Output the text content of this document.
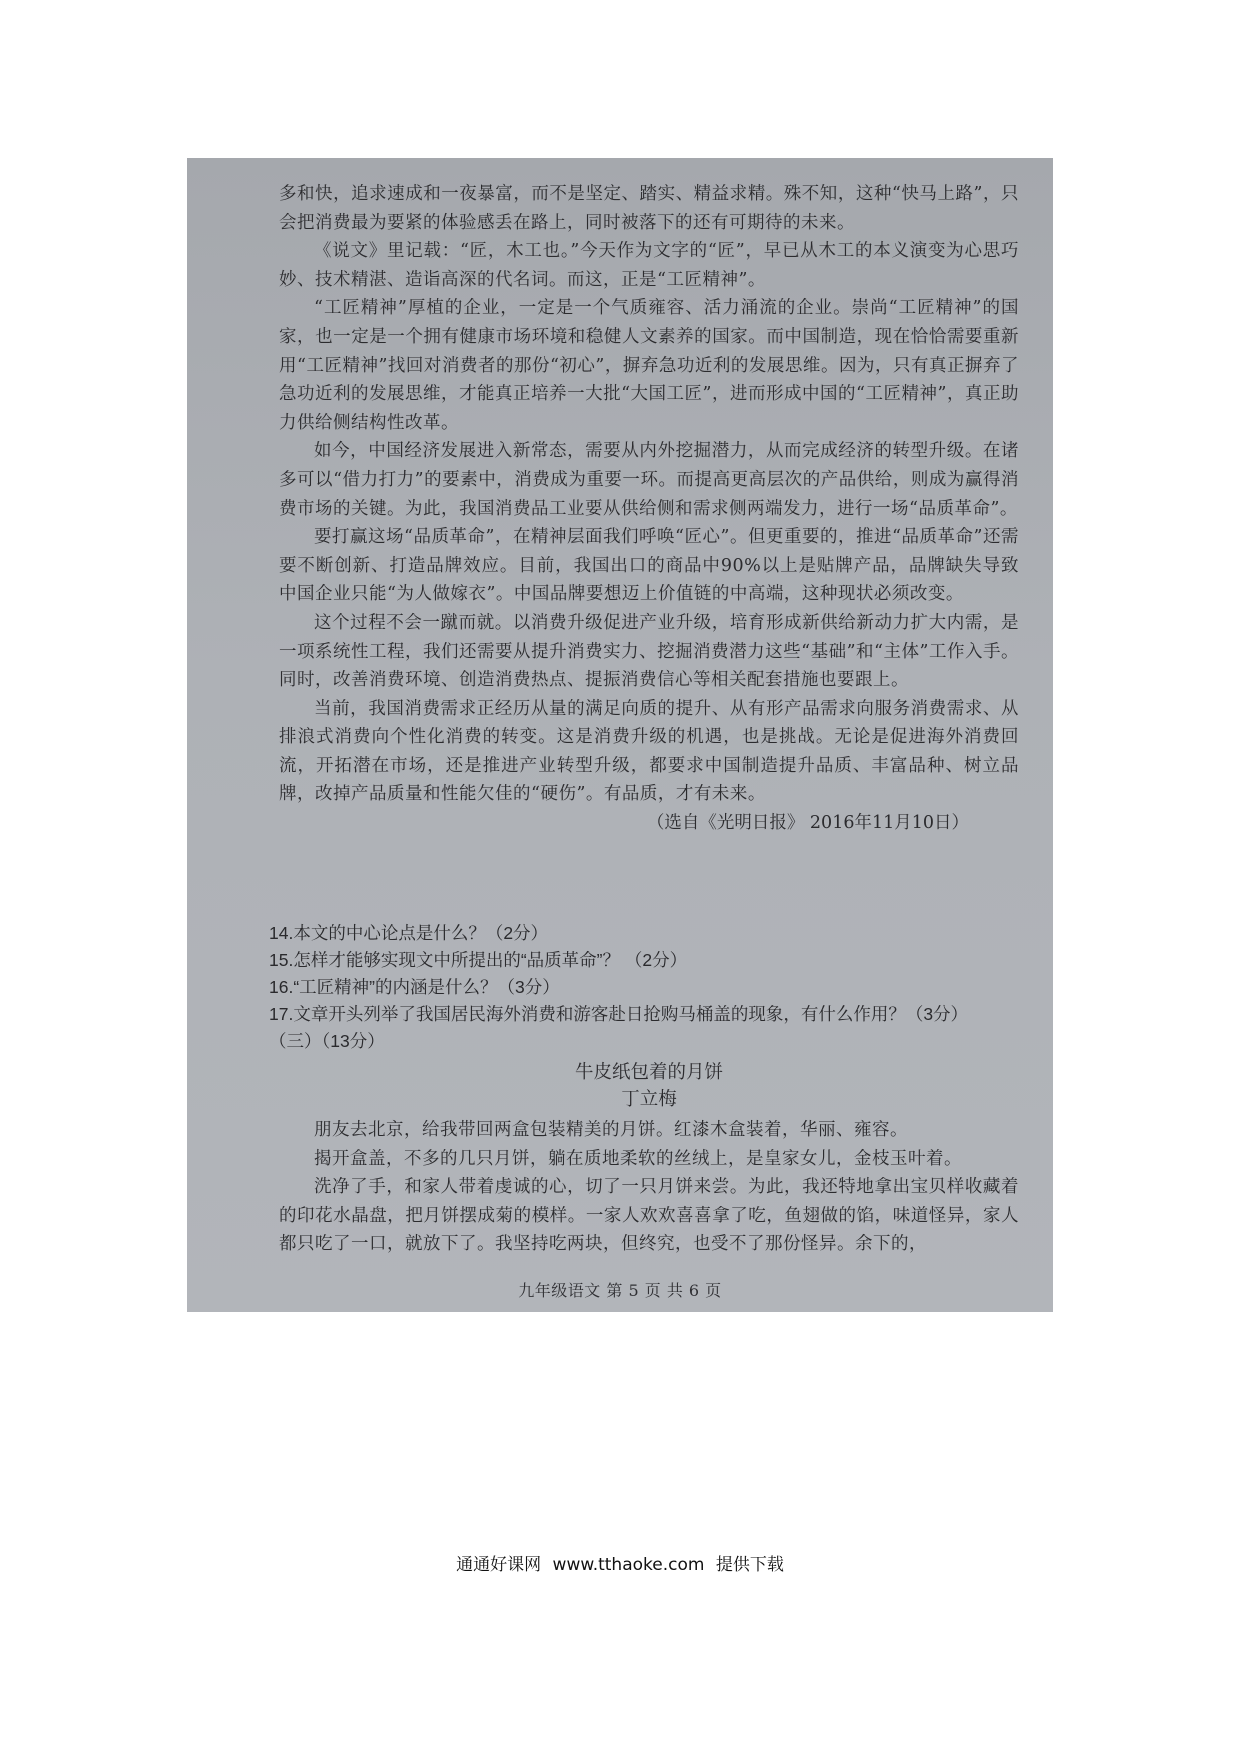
多和快，追求速成和一夜暴富，而不是坚定、踏实、精益求精。殊不知，这种“快马上路”，只会把消费最为要紧的体验感丢在路上，同时被落下的还有可期待的未来。

《说文》里记载：“匠，木工也。”今天作为文字的“匠”，早已从木工的本义演变为心思巧妙、技术精湛、造诣高深的代名词。而这，正是“工匠精神”。

“工匠精神”厚植的企业，一定是一个气质雍容、活力涌流的企业。崇尚“工匠精神”的国家，也一定是一个拥有健康市场环境和稳健人文素养的国家。而中国制造，现在恰恰需要重新用“工匠精神”找回对消费者的那份“初心”，摒弃急功近利的发展思维。因为，只有真正摒弃了急功近利的发展思维，才能真正培养一大批“大国工匠”，进而形成中国的“工匠精神”，真正助力供给侧结构性改革。

如今，中国经济发展进入新常态，需要从内外挖掘潜力，从而完成经济的转型升级。在诸多可以“借力打力”的要素中，消费成为重要一环。而提高更高层次的产品供给，则成为赢得消费市场的关键。为此，我国消费品工业要从供给侧和需求侧两端发力，进行一场“品质革命”。

要打赢这场“品质革命”，在精神层面我们呼唤“匠心”。但更重要的，推进“品质革命”还需要不断创新、打造品牌效应。目前，我国出口的商品中90%以上是贴牌产品，品牌缺失导致中国企业只能“为人做嫁衣”。中国品牌要想迈上价值链的中高端，这种现状必须改变。

这个过程不会一蹴而就。以消费升级促进产业升级，培育形成新供给新动力扩大内需，是一项系统性工程，我们还需要从提升消费实力、挖掘消费潜力这些“基础”和“主体”工作入手。同时，改善消费环境、创造消费热点、提振消费信心等相关配套措施也要跟上。

当前，我国消费需求正经历从量的满足向质的提升、从有形产品需求向服务消费需求、从排浪式消费向个性化消费的转变。这是消费升级的机遇，也是挑战。无论是促进海外消费回流，开拓潜在市场，还是推进产业转型升级，都要求中国制造提升品质、丰富品种、树立品牌，改掉产品质量和性能欠佳的“硬伤”。有品质，才有未来。

（选自《光明日报》 2016年11月10日）

14.本文的中心论点是什么？（2分）

15.怎样才能够实现文中所提出的“品质革命”？ （2分）

16.“工匠精神”的内涵是什么？（3分）

17.文章开头列举了我国居民海外消费和游客赴日抢购马桶盖的现象，有什么作用？（3分）

（三）（13分）

牛皮纸包着的月饼

丁立梅

朋友去北京，给我带回两盒包装精美的月饼。红漆木盒装着，华丽、雍容。

揭开盒盖，不多的几只月饼，躺在质地柔软的丝绒上，是皇家女儿，金枝玉叶着。

洗净了手，和家人带着虔诚的心，切了一只月饼来尝。为此，我还特地拿出宝贝样收藏着的印花水晶盘，把月饼摆成菊的模样。一家人欢欢喜喜拿了吃，鱼翅做的馅，味道怪异，家人都只吃了一口，就放下了。我坚持吃两块，但终究，也受不了那份怪异。余下的，

九年级语文 第 5 页 共 6 页
通通好课网 www.tthaoke.com 提供下载
